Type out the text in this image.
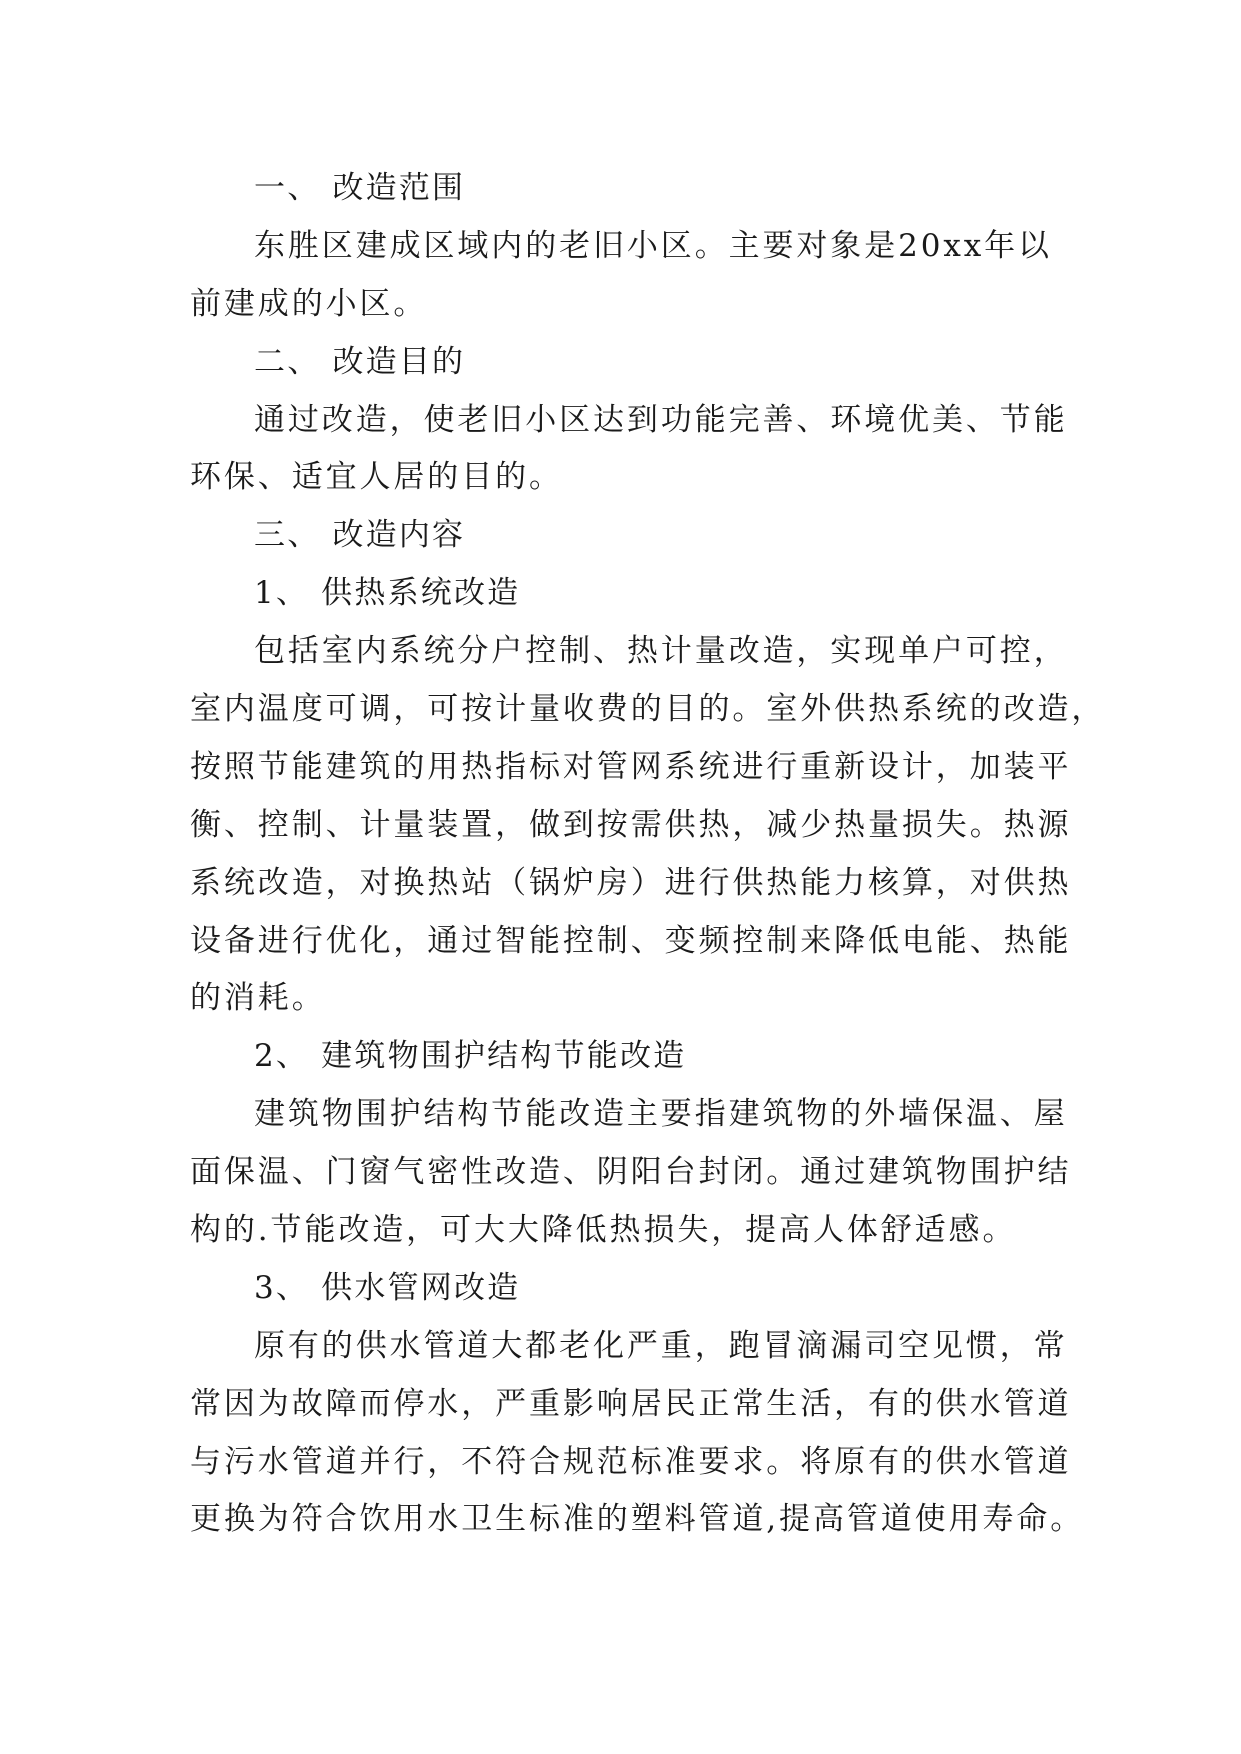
一、 改造范围
东胜区建成区域内的老旧小区。主要对象是20xx年以
前建成的小区。
二、 改造目的
通过改造，使老旧小区达到功能完善、环境优美、节能
环保、适宜人居的目的。
三、 改造内容
1、 供热系统改造
包括室内系统分户控制、热计量改造，实现单户可控，
室内温度可调，可按计量收费的目的。室外供热系统的改造，
按照节能建筑的用热指标对管网系统进行重新设计，加装平
衡、控制、计量装置，做到按需供热，减少热量损失。热源
系统改造，对换热站（锅炉房）进行供热能力核算，对供热
设备进行优化，通过智能控制、变频控制来降低电能、热能
的消耗。
2、 建筑物围护结构节能改造
建筑物围护结构节能改造主要指建筑物的外墙保温、屋
面保温、门窗气密性改造、阴阳台封闭。通过建筑物围护结
构的.节能改造，可大大降低热损失，提高人体舒适感。
3、 供水管网改造
原有的供水管道大都老化严重，跑冒滴漏司空见惯，常
常因为故障而停水，严重影响居民正常生活，有的供水管道
与污水管道并行，不符合规范标准要求。将原有的供水管道
更换为符合饮用水卫生标准的塑料管道,提高管道使用寿命。
